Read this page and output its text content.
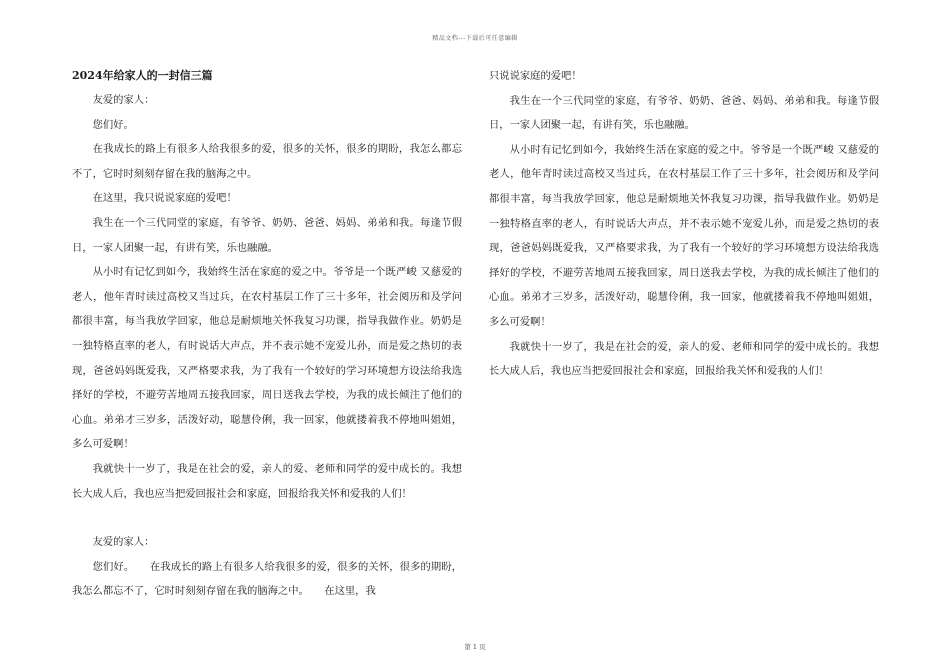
精品文档---下载后可任意编辑

2024年给家人的一封信三篇

友爱的家人：

您们好。

在我成长的路上有很多人给我很多的爱，很多的关怀，很多的期盼，我怎么都忘不了，它时时刻刻存留在我的脑海之中。

在这里，我只说说家庭的爱吧！

我生在一个三代同堂的家庭，有爷爷、奶奶、爸爸、妈妈、弟弟和我。每逢节假日，一家人团聚一起，有讲有笑，乐也融融。

从小时有记忆到如今，我始终生活在家庭的爱之中。爷爷是一个既严峻 又慈爱的老人，他年青时读过高校又当过兵，在农村基层工作了三十多年，社会阅历和及学问都很丰富，每当我放学回家，他总是耐烦地关怀我复习功课，指导我做作业。奶奶是一独特格直率的老人，有时说话大声点，并不表示她不宠爱儿孙，而是爱之热切的表现，爸爸妈妈既爱我，又严格要求我，为了我有一个较好的学习环境想方设法给我选择好的学校，不避劳苦地周五接我回家，周日送我去学校，为我的成长倾注了他们的心血。弟弟才三岁多，活泼好动，聪慧伶俐，我一回家，他就搂着我不停地叫姐姐，多么可爱啊！

我就快十一岁了，我是在社会的爱，亲人的爱、老师和同学的爱中成长的。我想长大成人后，我也应当把爱回报社会和家庭，回报给我关怀和爱我的人们！

友爱的家人：

您们好。　　在我成长的路上有很多人给我很多的爱，很多的关怀，很多的期盼，我怎么都忘不了，它时时刻刻存留在我的脑海之中。　　在这里，我

只说说家庭的爱吧！

我生在一个三代同堂的家庭，有爷爷、奶奶、爸爸、妈妈、弟弟和我。每逢节假日，一家人团聚一起，有讲有笑，乐也融融。

从小时有记忆到如今，我始终生活在家庭的爱之中。爷爷是一个既严峻 又慈爱的老人，他年青时读过高校又当过兵，在农村基层工作了三十多年，社会阅历和及学问都很丰富，每当我放学回家，他总是耐烦地关怀我复习功课，指导我做作业。奶奶是一独特格直率的老人，有时说话大声点，并不表示她不宠爱儿孙，而是爱之热切的表现，爸爸妈妈既爱我，又严格要求我，为了我有一个较好的学习环境想方设法给我选择好的学校，不避劳苦地周五接我回家，周日送我去学校，为我的成长倾注了他们的心血。弟弟才三岁多，活泼好动，聪慧伶俐，我一回家，他就搂着我不停地叫姐姐，多么可爱啊！

我就快十一岁了，我是在社会的爱，亲人的爱、老师和同学的爱中成长的。我想长大成人后，我也应当把爱回报社会和家庭，回报给我关怀和爱我的人们！

第 1 页
